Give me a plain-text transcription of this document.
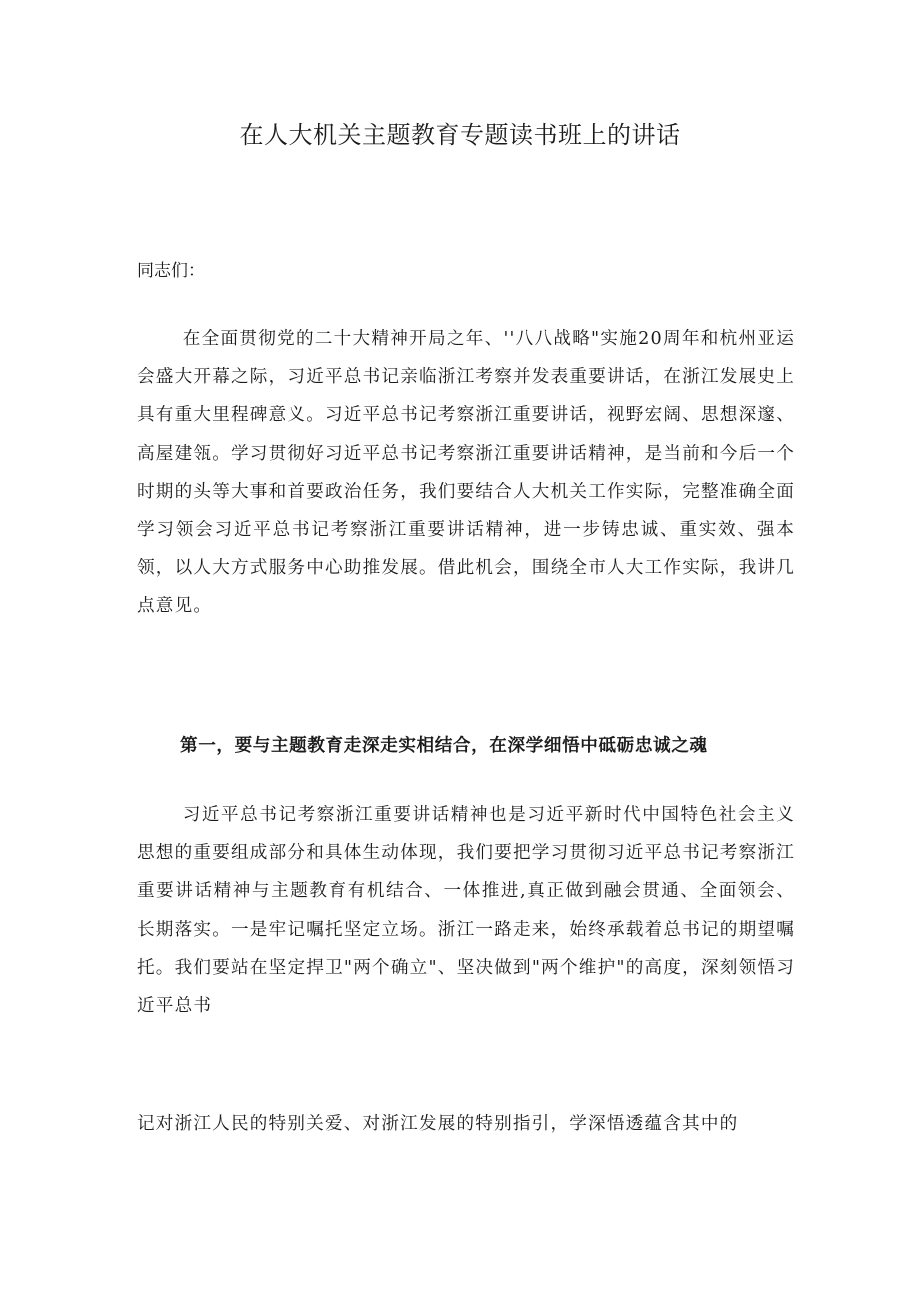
在人大机关主题教育专题读书班上的讲话

同志们：

在全面贯彻党的二十大精神开局之年、''八八战略"实施20周年和杭州亚运会盛大开幕之际，习近平总书记亲临浙江考察并发表重要讲话，在浙江发展史上具有重大里程碑意义。习近平总书记考察浙江重要讲话，视野宏阔、思想深邃、高屋建瓴。学习贯彻好习近平总书记考察浙江重要讲话精神，是当前和今后一个时期的头等大事和首要政治任务，我们要结合人大机关工作实际，完整准确全面学习领会习近平总书记考察浙江重要讲话精神，进一步铸忠诚、重实效、强本领，以人大方式服务中心助推发展。借此机会，围绕全市人大工作实际，我讲几点意见。

第一，要与主题教育走深走实相结合，在深学细悟中砥砺忠诚之魂

习近平总书记考察浙江重要讲话精神也是习近平新时代中国特色社会主义思想的重要组成部分和具体生动体现，我们要把学习贯彻习近平总书记考察浙江重要讲话精神与主题教育有机结合、一体推进,真正做到融会贯通、全面领会、长期落实。一是牢记嘱托坚定立场。浙江一路走来，始终承载着总书记的期望嘱托。我们要站在坚定捍卫"两个确立"、坚决做到"两个维护"的高度，深刻领悟习近平总书

记对浙江人民的特别关爱、对浙江发展的特别指引，学深悟透蕴含其中的
